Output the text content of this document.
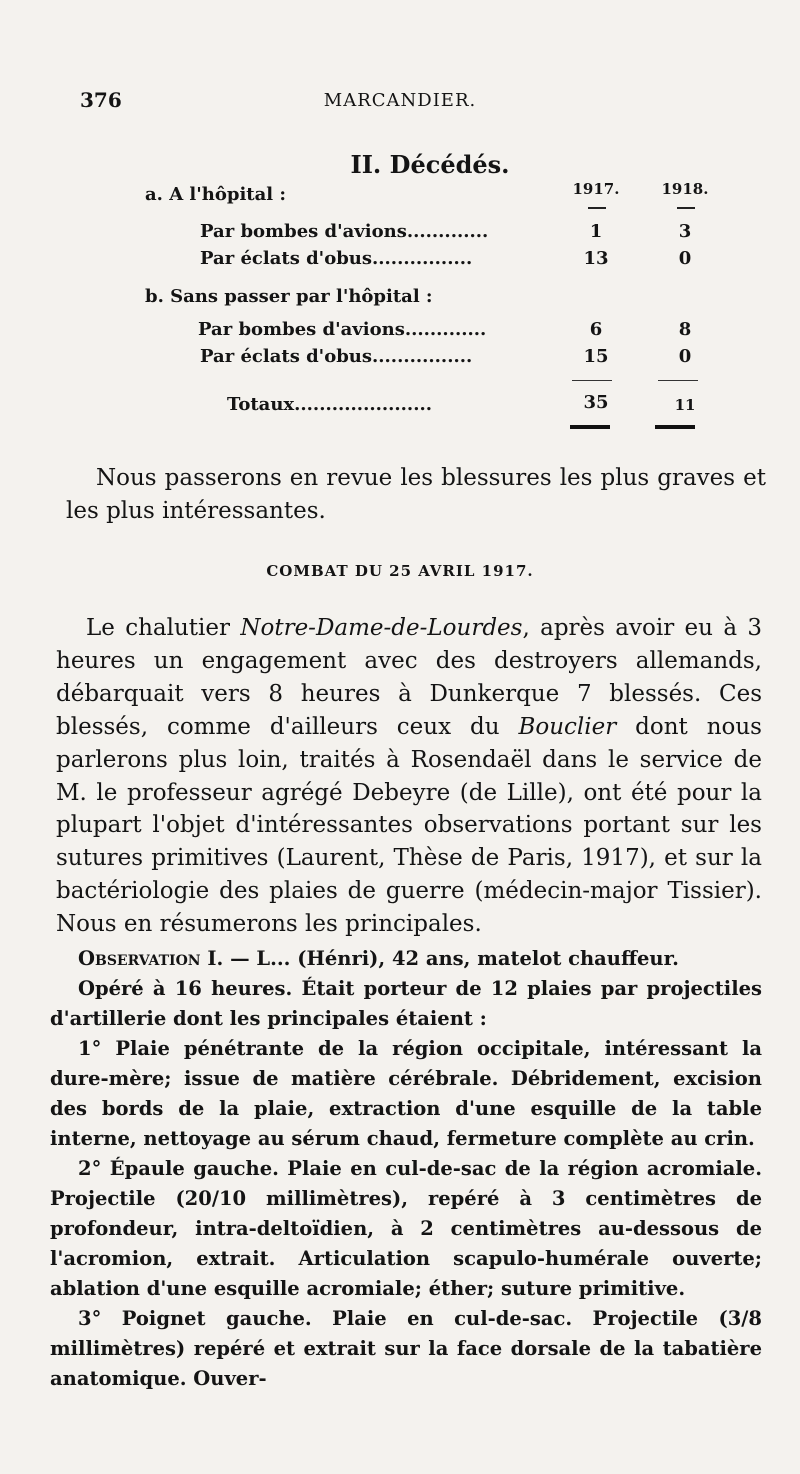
376	MARCANDIER.
II. Décédés.
1917.	1918.
a. A l'hôpital :
Par bombes d'avions.............	1	3
Par éclats d'obus................	13	0
b. Sans passer par l'hôpital :
Par bombes d'avions.............	6	8
Par éclats d'obus................	15	0
Totaux......................	35	11

Nous passerons en revue les blessures les plus graves et les plus intéressantes.

COMBAT DU 25 AVRIL 1917.

Le chalutier Notre-Dame-de-Lourdes, après avoir eu à 3 heures un engagement avec des destroyers allemands, débarquait vers 8 heures à Dunkerque 7 blessés. Ces blessés, comme d'ailleurs ceux du Bouclier dont nous parlerons plus loin, traités à Rosendaël dans le service de M. le professeur agrégé Debeyre (de Lille), ont été pour la plupart l'objet d'intéressantes observations portant sur les sutures primitives (Laurent, Thèse de Paris, 1917), et sur la bactériologie des plaies de guerre (médecin-major Tissier). Nous en résumerons les principales.

Observation I. — L... (Hénri), 42 ans, matelot chauffeur.

Opéré à 16 heures. Était porteur de 12 plaies par projectiles d'artillerie dont les principales étaient :

1° Plaie pénétrante de la région occipitale, intéressant la dure-mère; issue de matière cérébrale. Débridement, excision des bords de la plaie, extraction d'une esquille de la table interne, nettoyage au sérum chaud, fermeture complète au crin.

2° Épaule gauche. Plaie en cul-de-sac de la région acromiale. Projectile (20/10 millimètres), repéré à 3 centimètres de profondeur, intra-deltoïdien, à 2 centimètres au-dessous de l'acromion, extrait. Articulation scapulo-humérale ouverte; ablation d'une esquille acromiale; éther; suture primitive.

3° Poignet gauche. Plaie en cul-de-sac. Projectile (3/8 millimètres) repéré et extrait sur la face dorsale de la tabatière anatomique. Ouver-
